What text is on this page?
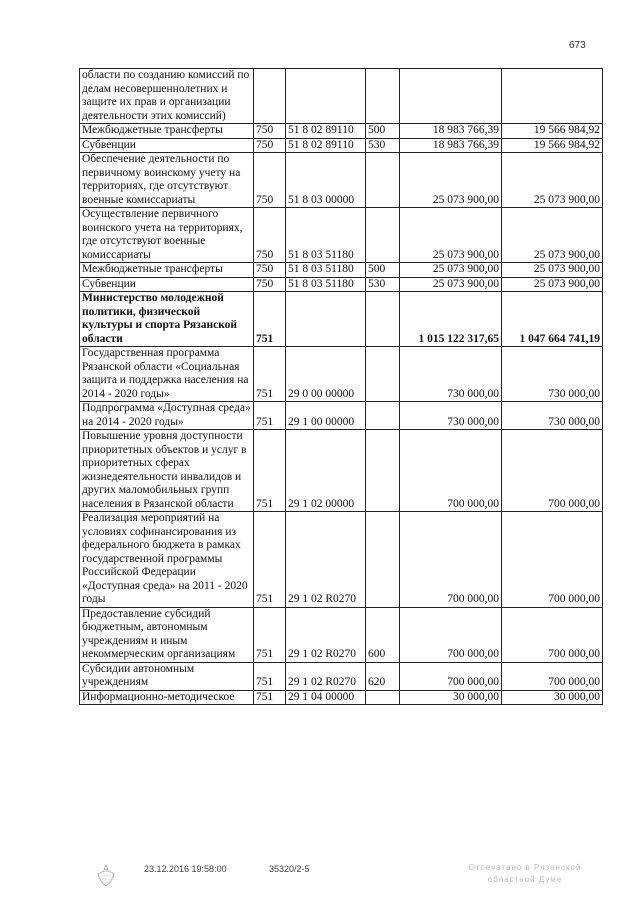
673
области по созданию комиссий по делам несовершеннолетних и защите их прав и организации деятельности этих комиссий)					
Межбюджетные трансферты	750	51 8 02 89110	500	18 983 766,39	19 566 984,92
Субвенции	750	51 8 02 89110	530	18 983 766,39	19 566 984,92
Обеспечение деятельности по первичному воинскому учету на территориях, где отсутствуют военные комиссариаты	750	51 8 03 00000		25 073 900,00	25 073 900,00
Осуществление первичного воинского учета на территориях, где отсутствуют военные комиссариаты	750	51 8 03 51180		25 073 900,00	25 073 900,00
Межбюджетные трансферты	750	51 8 03 51180	500	25 073 900,00	25 073 900,00
Субвенции	750	51 8 03 51180	530	25 073 900,00	25 073 900,00
Министерство молодежной политики, физической культуры и спорта Рязанской области	751			1 015 122 317,65	1 047 664 741,19
Государственная программа Рязанской области «Социальная защита и поддержка населения на 2014 - 2020 годы»	751	29 0 00 00000		730 000,00	730 000,00
Подпрограмма «Доступная среда» на 2014 - 2020 годы»	751	29 1 00 00000		730 000,00	730 000,00
Повышение уровня доступности приоритетных объектов и услуг в приоритетных сферах жизнедеятельности инвалидов и других маломобильных групп населения в Рязанской области	751	29 1 02 00000		700 000,00	700 000,00
Реализация мероприятий на условиях софинансирования из федерального бюджета в рамках государственной программы Российской Федерации «Доступная среда» на 2011 - 2020 годы	751	29 1 02 R0270		700 000,00	700 000,00
Предоставление субсидий бюджетным, автономным учреждениям и иным некоммерческим организациям	751	29 1 02 R0270	600	700 000,00	700 000,00
Субсидии автономным учреждениям	751	29 1 02 R0270	620	700 000,00	700 000,00
Информационно-методическое	751	29 1 04 00000		30 000,00	30 000,00
23.12.2016 19:58:00	35320/2-5	Отпечатано в Рязанской областной Думе
